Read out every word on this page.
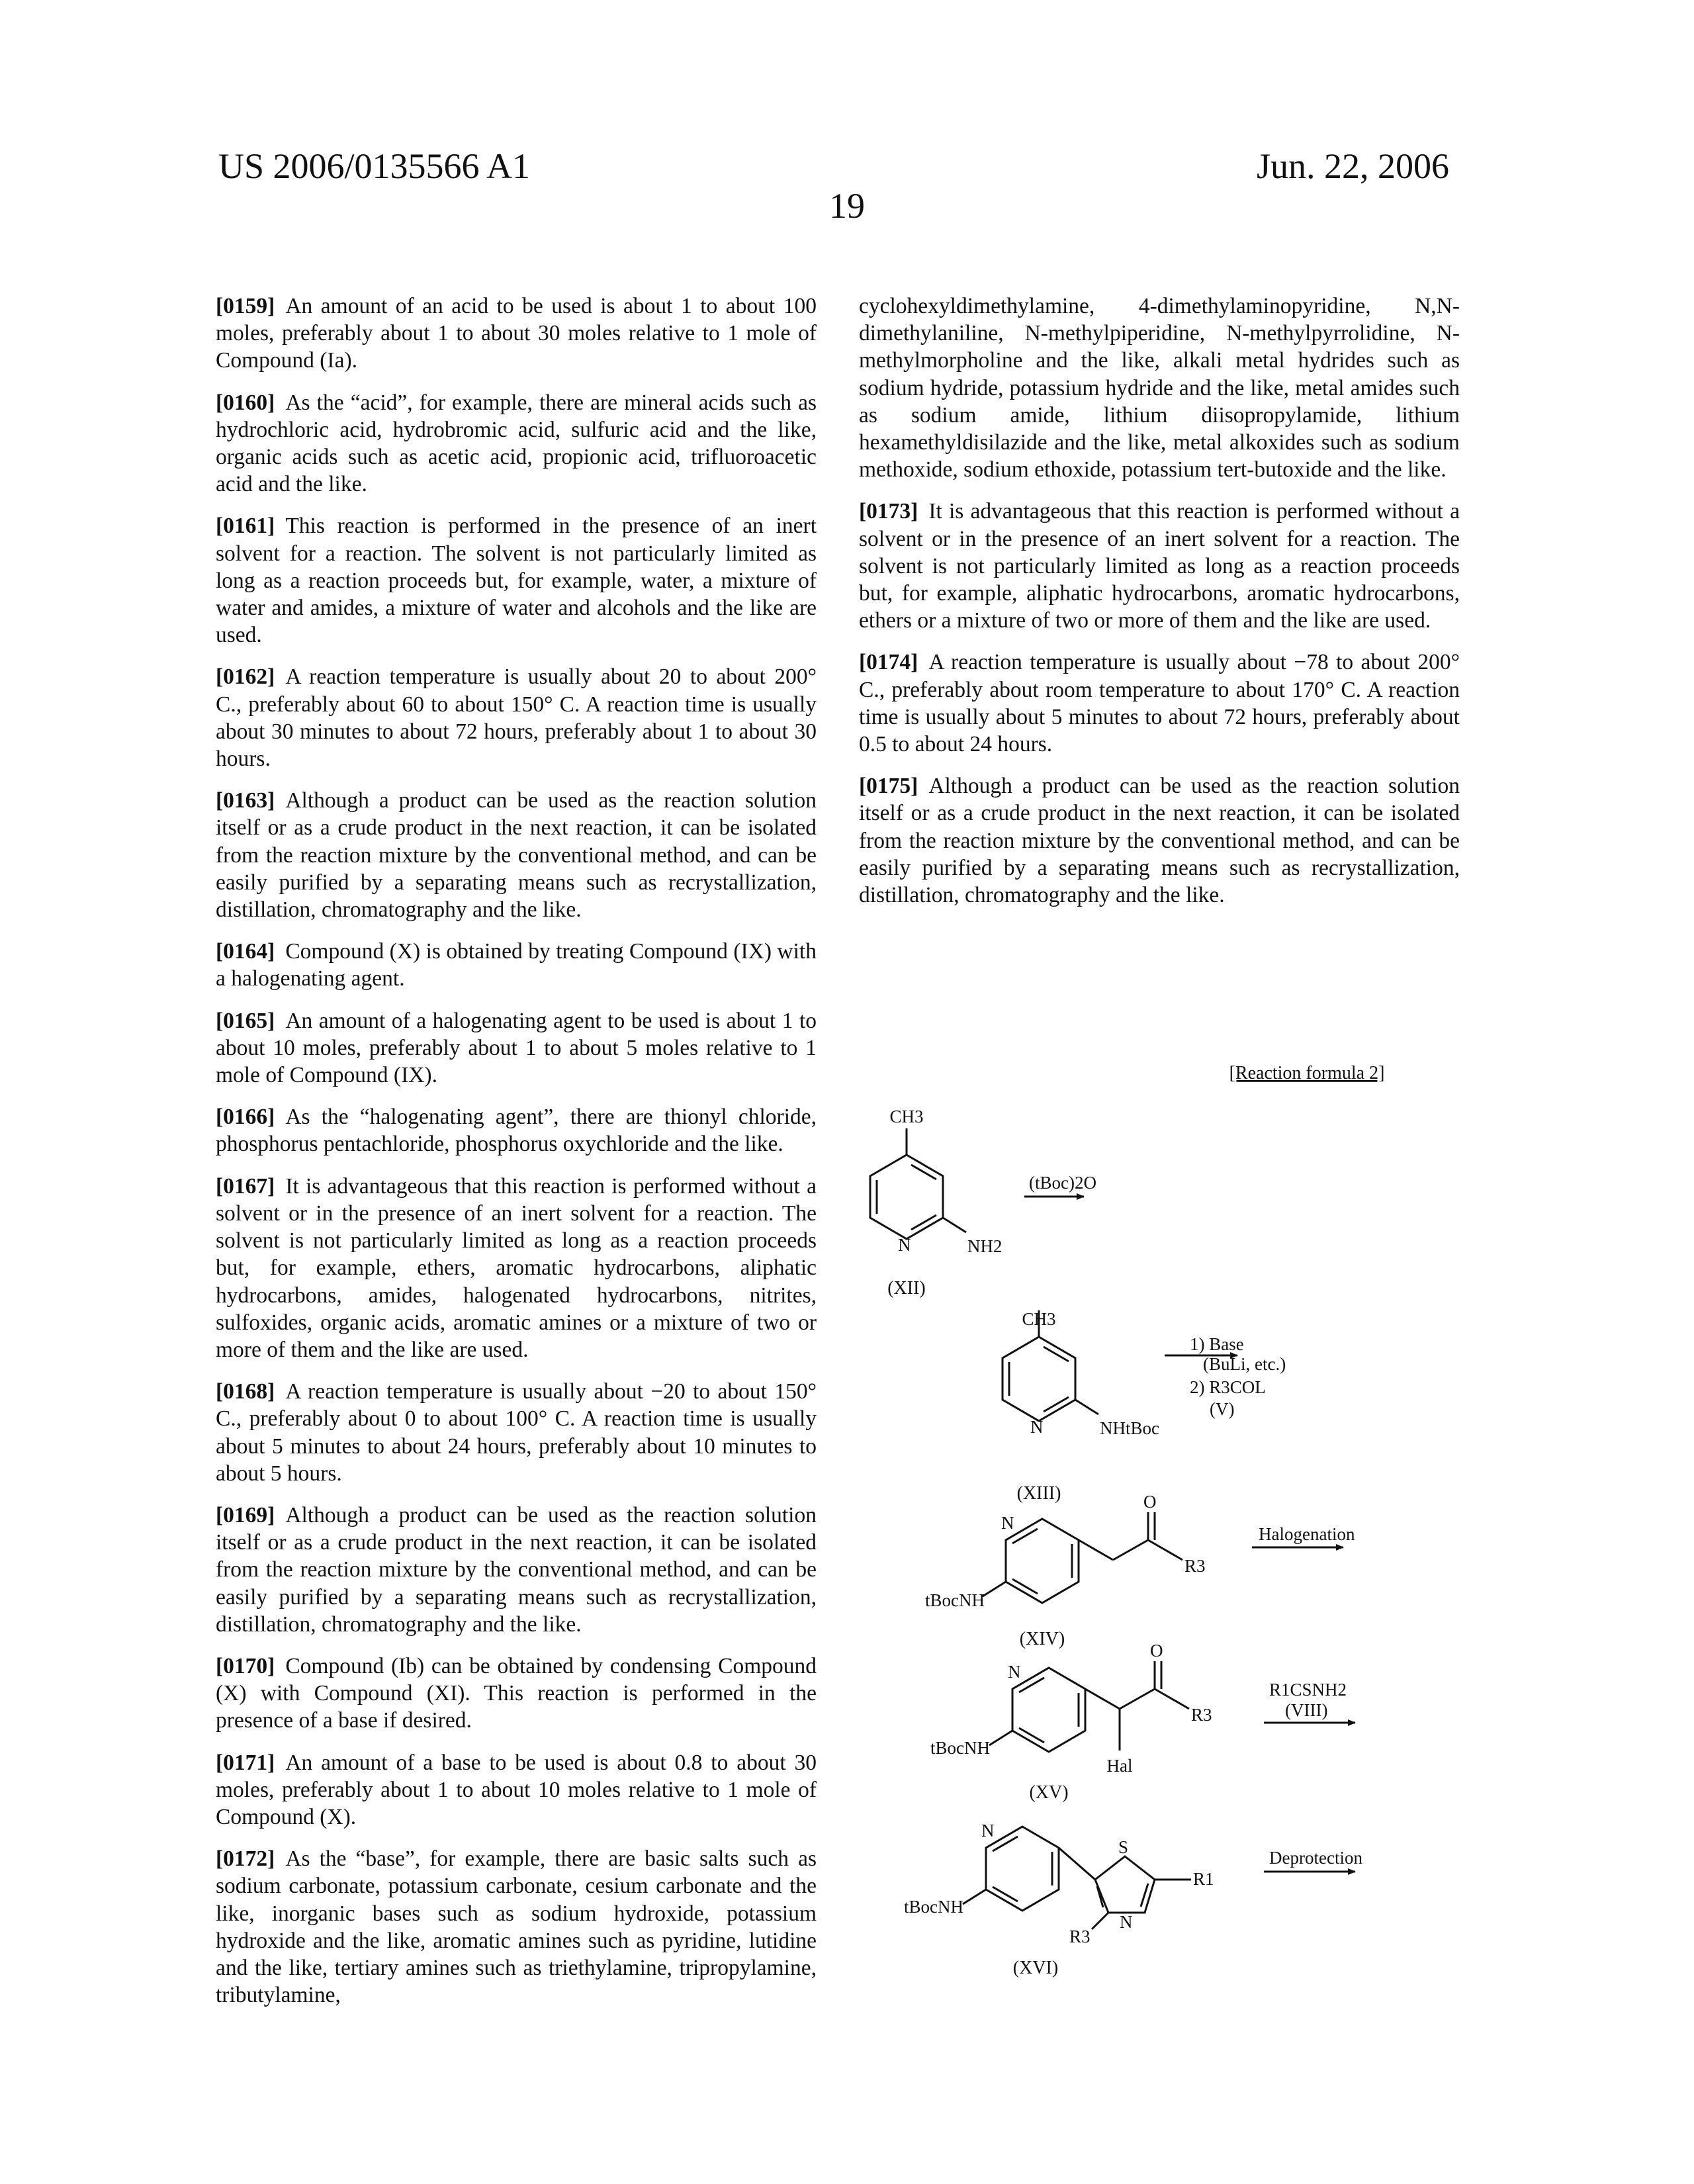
US 2006/0135566 A1	Jun. 22, 2006
19

[0159] An amount of an acid to be used is about 1 to about 100 moles, preferably about 1 to about 30 moles relative to 1 mole of Compound (Ia).

[0160] As the “acid”, for example, there are mineral acids such as hydrochloric acid, hydrobromic acid, sulfuric acid and the like, organic acids such as acetic acid, propionic acid, trifluoroacetic acid and the like.

[0161] This reaction is performed in the presence of an inert solvent for a reaction. The solvent is not particularly limited as long as a reaction proceeds but, for example, water, a mixture of water and amides, a mixture of water and alcohols and the like are used.

[0162] A reaction temperature is usually about 20 to about 200° C., preferably about 60 to about 150° C. A reaction time is usually about 30 minutes to about 72 hours, preferably about 1 to about 30 hours.

[0163] Although a product can be used as the reaction solution itself or as a crude product in the next reaction, it can be isolated from the reaction mixture by the conventional method, and can be easily purified by a separating means such as recrystallization, distillation, chromatography and the like.

[0164] Compound (X) is obtained by treating Compound (IX) with a halogenating agent.

[0165] An amount of a halogenating agent to be used is about 1 to about 10 moles, preferably about 1 to about 5 moles relative to 1 mole of Compound (IX).

[0166] As the “halogenating agent”, there are thionyl chloride, phosphorus pentachloride, phosphorus oxychloride and the like.

[0167] It is advantageous that this reaction is performed without a solvent or in the presence of an inert solvent for a reaction. The solvent is not particularly limited as long as a reaction proceeds but, for example, ethers, aromatic hydrocarbons, aliphatic hydrocarbons, amides, halogenated hydrocarbons, nitrites, sulfoxides, organic acids, aromatic amines or a mixture of two or more of them and the like are used.

[0168] A reaction temperature is usually about −20 to about 150° C., preferably about 0 to about 100° C. A reaction time is usually about 5 minutes to about 24 hours, preferably about 10 minutes to about 5 hours.

[0169] Although a product can be used as the reaction solution itself or as a crude product in the next reaction, it can be isolated from the reaction mixture by the conventional method, and can be easily purified by a separating means such as recrystallization, distillation, chromatography and the like.

[0170] Compound (Ib) can be obtained by condensing Compound (X) with Compound (XI). This reaction is performed in the presence of a base if desired.

[0171] An amount of a base to be used is about 0.8 to about 30 moles, preferably about 1 to about 10 moles relative to 1 mole of Compound (X).

[0172] As the “base”, for example, there are basic salts such as sodium carbonate, potassium carbonate, cesium carbonate and the like, inorganic bases such as sodium hydroxide, potassium hydroxide and the like, aromatic amines such as pyridine, lutidine and the like, tertiary amines such as triethylamine, tripropylamine, tributylamine,

cyclohexyldimethylamine, 4-dimethylaminopyridine, N,N-dimethylaniline, N-methylpiperidine, N-methylpyrrolidine, N-methylmorpholine and the like, alkali metal hydrides such as sodium hydride, potassium hydride and the like, metal amides such as sodium amide, lithium diisopropylamide, lithium hexamethyldisilazide and the like, metal alkoxides such as sodium methoxide, sodium ethoxide, potassium tert-butoxide and the like.

[0173] It is advantageous that this reaction is performed without a solvent or in the presence of an inert solvent for a reaction. The solvent is not particularly limited as long as a reaction proceeds but, for example, aliphatic hydrocarbons, aromatic hydrocarbons, ethers or a mixture of two or more of them and the like are used.

[0174] A reaction temperature is usually about −78 to about 200° C., preferably about room temperature to about 170° C. A reaction time is usually about 5 minutes to about 72 hours, preferably about 0.5 to about 24 hours.

[0175] Although a product can be used as the reaction solution itself or as a crude product in the next reaction, it can be isolated from the reaction mixture by the conventional method, and can be easily purified by a separating means such as recrystallization, distillation, chromatography and the like.

[Reaction formula 2]
CH3
N	NH2
(XII)
(tBoc)2O
CH3
N	NHtBoc
(XIII)
1) Base
(BuLi, etc.)
2) R3COL
(V)
N
tBocNH
O
R3
(XIV)
Halogenation
N
tBocNH
O
R3
Hal
(XV)
R1CSNH2
(VIII)
N
tBocNH
S
N
R1
R3
(XVI)
Deprotection
